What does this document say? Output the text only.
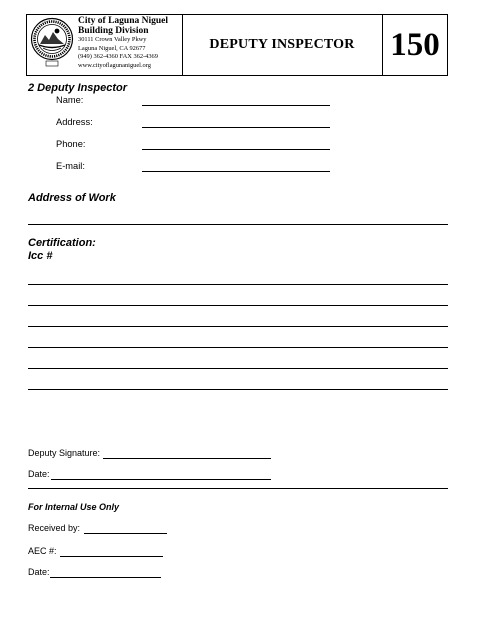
City of Laguna Niguel
Building Division
30111 Crown Valley Pkwy
Laguna Niguel, CA 92677
(949) 362-4360 FAX 362-4369
www.cityoflagunaniguel.org
DEPUTY INSPECTOR	150
2 Deputy Inspector
Name:
Address:
Phone:
E-mail:
Address of Work
Certification:
Icc #
Deputy Signature:
Date:
For Internal Use Only
Received by:
AEC #:
Date:
